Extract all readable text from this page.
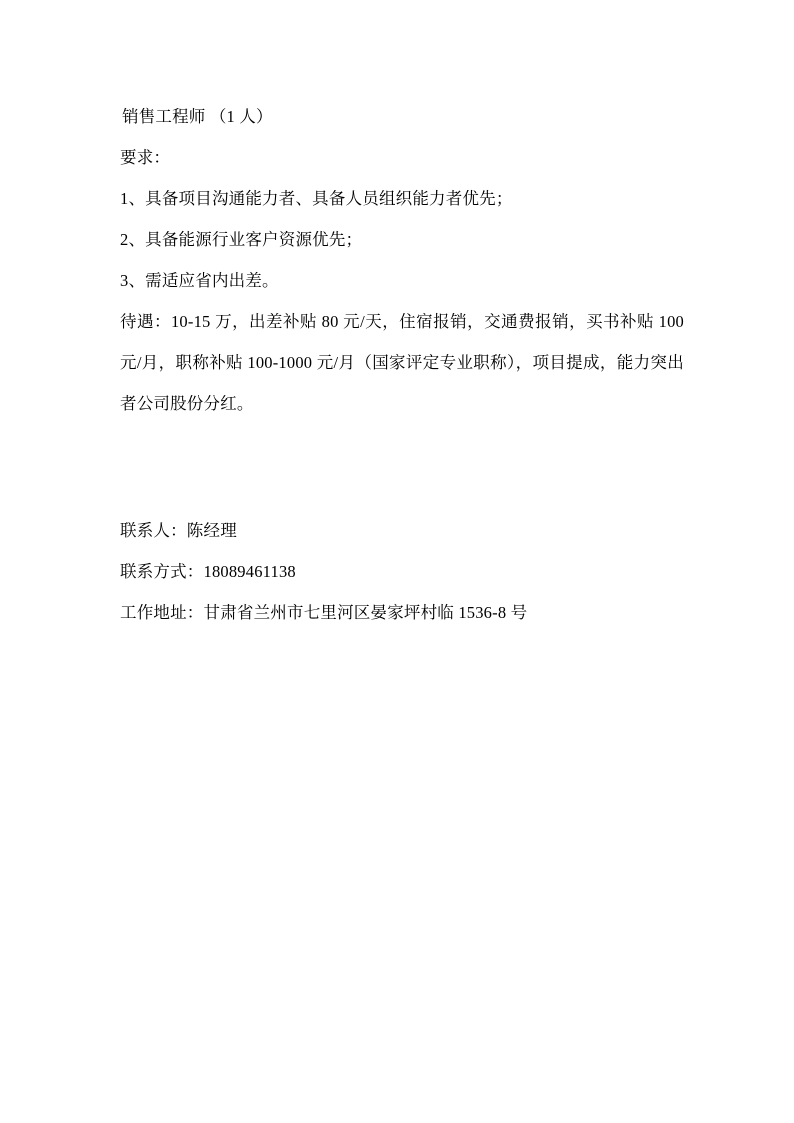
销售工程师 （1 人）

要求：

1、具备项目沟通能力者、具备人员组织能力者优先；

2、具备能源行业客户资源优先；

3、需适应省内出差。

待遇：10-15 万，出差补贴 80 元/天，住宿报销，交通费报销，买书补贴 100 元/月，职称补贴 100-1000 元/月（国家评定专业职称），项目提成，能力突出者公司股份分红。

联系人：陈经理

联系方式：18089461138

工作地址：甘肃省兰州市七里河区晏家坪村临 1536-8 号
